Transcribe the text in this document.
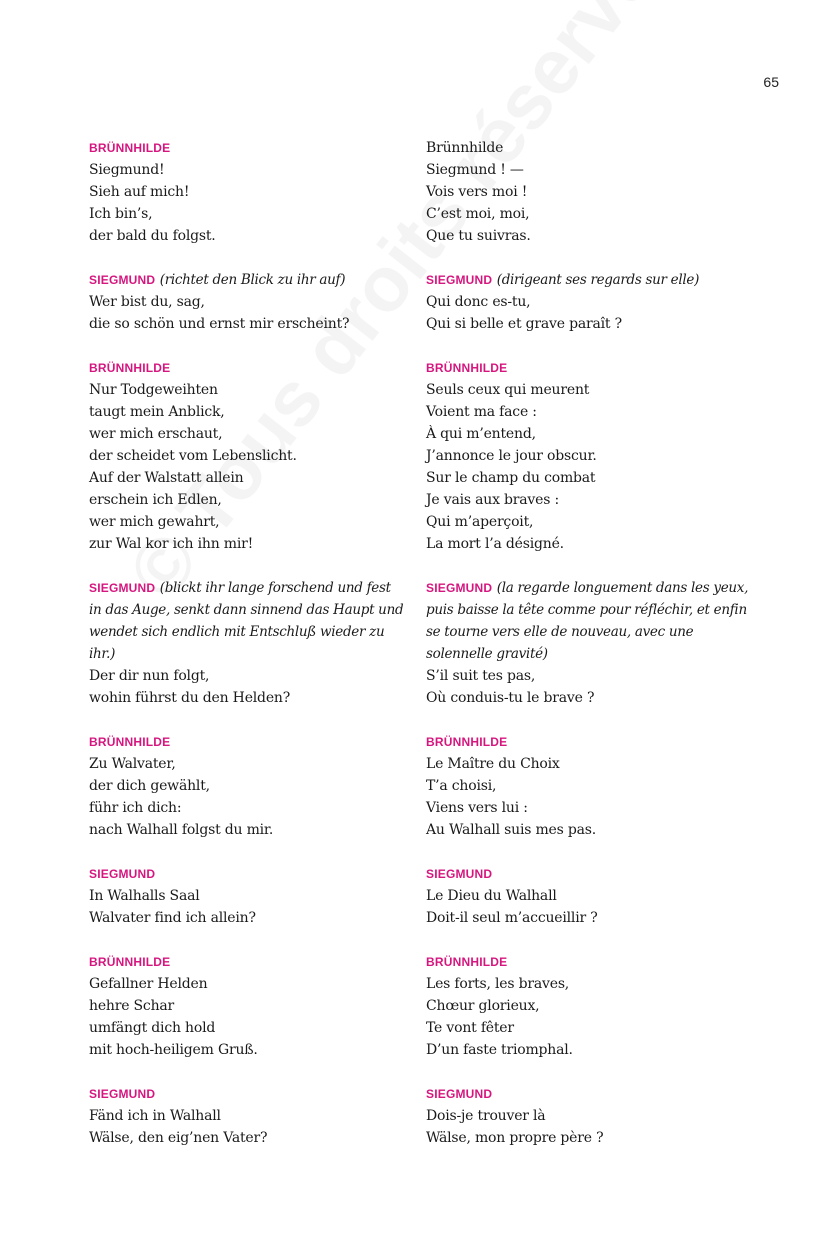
65
BRÜNNHILDE
Siegmund!
Sieh auf mich!
Ich bin’s,
der bald du folgst.
SIEGMUND (richtet den Blick zu ihr auf)
Wer bist du, sag,
die so schön und ernst mir erscheint?
BRÜNNHILDE
Nur Todgeweihten
taugt mein Anblick,
wer mich erschaut,
der scheidet vom Lebenslicht.
Auf der Walstatt allein
erschein ich Edlen,
wer mich gewahrt,
zur Wal kor ich ihn mir!
SIEGMUND (blickt ihr lange forschend und fest in das Auge, senkt dann sinnend das Haupt und wendet sich endlich mit Entschluß wieder zu ihr.)
Der dir nun folgt,
wohin führst du den Helden?
BRÜNNHILDE
Zu Walvater,
der dich gewählt,
führ ich dich:
nach Walhall folgst du mir.
SIEGMUND
In Walhalls Saal
Walvater find ich allein?
BRÜNNHILDE
Gefallner Helden
hehre Schar
umfängt dich hold
mit hoch-heiligem Gruß.
SIEGMUND
Fänd ich in Walhall
Wälse, den eig’nen Vater?
Brünnhilde
Siegmund ! —
Vois vers moi !
C’est moi, moi,
Que tu suivras.
SIEGMUND (dirigeant ses regards sur elle)
Qui donc es-tu,
Qui si belle et grave paraît ?
BRÜNNHILDE
Seuls ceux qui meurent
Voient ma face :
À qui m’entend,
J’annonce le jour obscur.
Sur le champ du combat
Je vais aux braves :
Qui m’aperçoit,
La mort l’a désigné.
SIEGMUND (la regarde longuement dans les yeux, puis baisse la tête comme pour réfléchir, et enfin se tourne vers elle de nouveau, avec une solennelle gravité)
S’il suit tes pas,
Où conduis-tu le brave ?
BRÜNNHILDE
Le Maître du Choix
T’a choisi,
Viens vers lui :
Au Walhall suis mes pas.
SIEGMUND
Le Dieu du Walhall
Doit-il seul m’accueillir ?
BRÜNNHILDE
Les forts, les braves,
Chœur glorieux,
Te vont fêter
D’un faste triomphal.
SIEGMUND
Dois-je trouver là
Wälse, mon propre père ?
